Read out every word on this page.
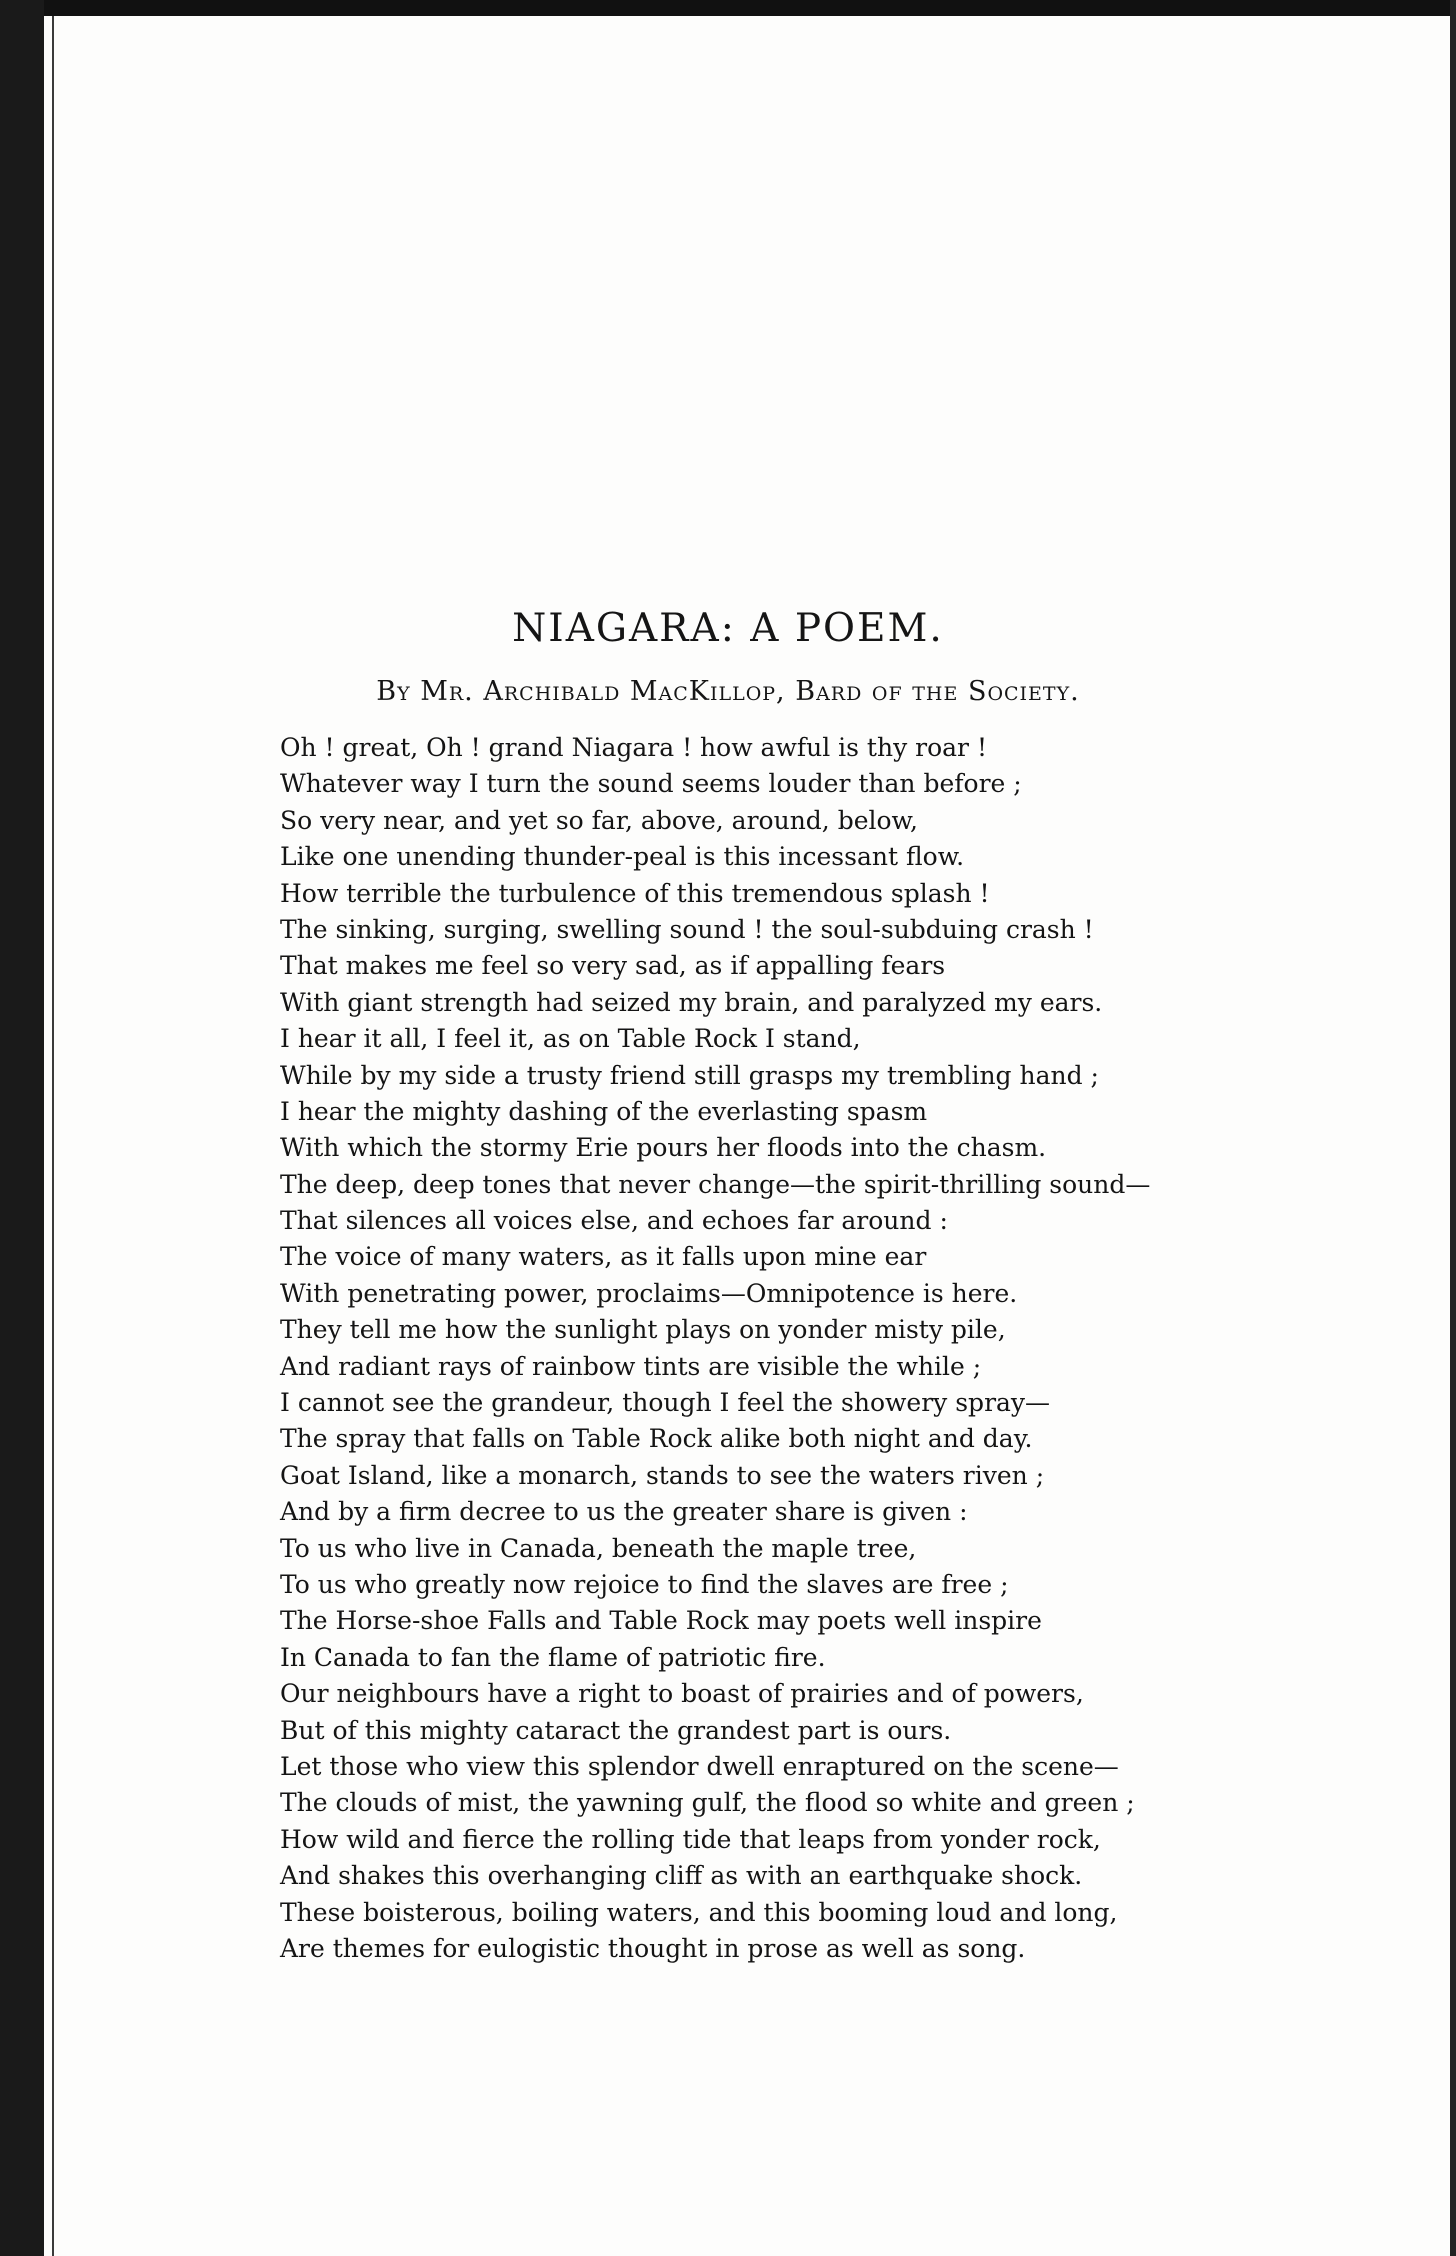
NIAGARA: A POEM.

By Mr. Archibald MacKillop, Bard of the Society.

Oh ! great, Oh ! grand Niagara ! how awful is thy roar !
Whatever way I turn the sound seems louder than before ;
So very near, and yet so far, above, around, below,
Like one unending thunder-peal is this incessant flow.
How terrible the turbulence of this tremendous splash !
The sinking, surging, swelling sound ! the soul-subduing crash !
That makes me feel so very sad, as if appalling fears
With giant strength had seized my brain, and paralyzed my ears.
I hear it all, I feel it, as on Table Rock I stand,
While by my side a trusty friend still grasps my trembling hand ;
I hear the mighty dashing of the everlasting spasm
With which the stormy Erie pours her floods into the chasm.
The deep, deep tones that never change—the spirit-thrilling sound—
That silences all voices else, and echoes far around :
The voice of many waters, as it falls upon mine ear
With penetrating power, proclaims—Omnipotence is here.
They tell me how the sunlight plays on yonder misty pile,
And radiant rays of rainbow tints are visible the while ;
I cannot see the grandeur, though I feel the showery spray—
The spray that falls on Table Rock alike both night and day.
Goat Island, like a monarch, stands to see the waters riven ;
And by a firm decree to us the greater share is given :
To us who live in Canada, beneath the maple tree,
To us who greatly now rejoice to find the slaves are free ;
The Horse-shoe Falls and Table Rock may poets well inspire
In Canada to fan the flame of patriotic fire.
Our neighbours have a right to boast of prairies and of powers,
But of this mighty cataract the grandest part is ours.
Let those who view this splendor dwell enraptured on the scene—
The clouds of mist, the yawning gulf, the flood so white and green ;
How wild and fierce the rolling tide that leaps from yonder rock,
And shakes this overhanging cliff as with an earthquake shock.
These boisterous, boiling waters, and this booming loud and long,
Are themes for eulogistic thought in prose as well as song.
